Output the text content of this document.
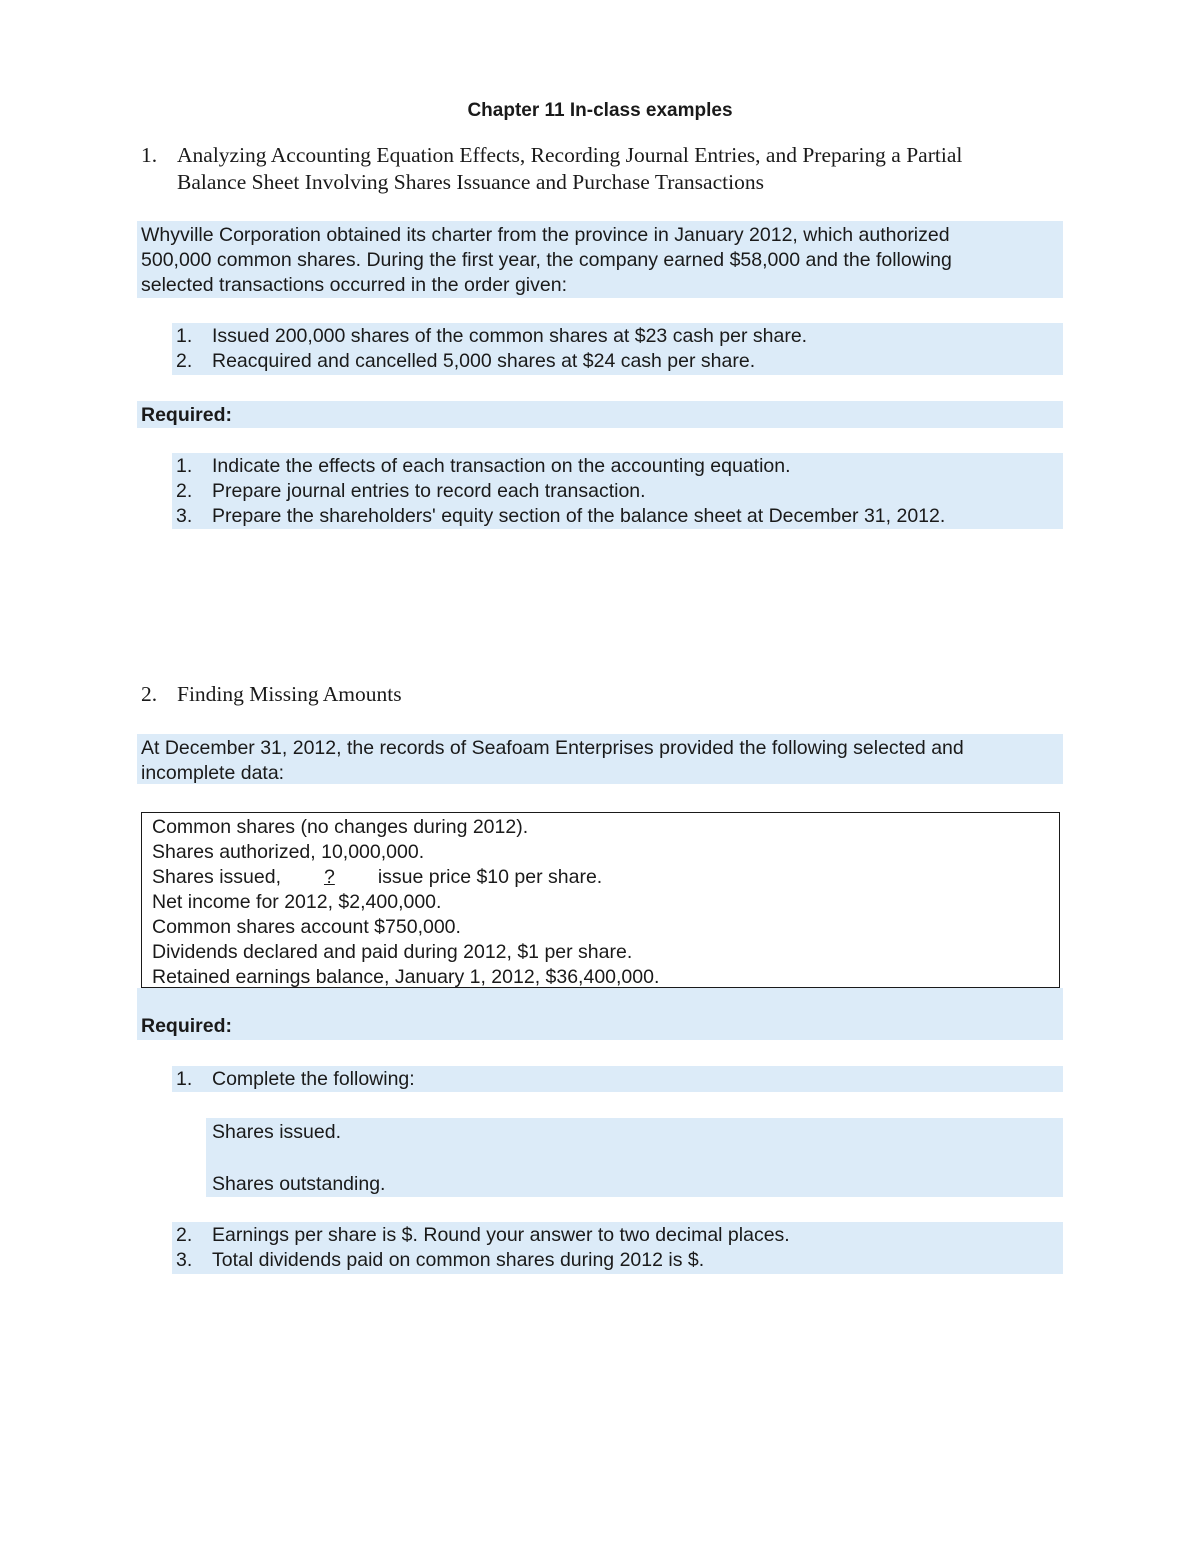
Chapter 11 In-class examples
1. Analyzing Accounting Equation Effects, Recording Journal Entries, and Preparing a Partial
Balance Sheet Involving Shares Issuance and Purchase Transactions
Whyville Corporation obtained its charter from the province in January 2012, which authorized
500,000 common shares. During the first year, the company earned $58,000 and the following
selected transactions occurred in the order given:
1.	Issued 200,000 shares of the common shares at $23 cash per share.
2.	Reacquired and cancelled 5,000 shares at $24 cash per share.
Required:
1.	Indicate the effects of each transaction on the accounting equation.
2.	Prepare journal entries to record each transaction.
3.	Prepare the shareholders' equity section of the balance sheet at December 31, 2012.
2. Finding Missing Amounts
At December 31, 2012, the records of Seafoam Enterprises provided the following selected and
incomplete data:
Common shares (no changes during 2012).
Shares authorized, 10,000,000.
Shares issued, ? issue price $10 per share.
Net income for 2012, $2,400,000.
Common shares account $750,000.
Dividends declared and paid during 2012, $1 per share.
Retained earnings balance, January 1, 2012, $36,400,000.
Required:
1.	Complete the following:
Shares issued.
Shares outstanding.
2.	Earnings per share is $. Round your answer to two decimal places.
3.	Total dividends paid on common shares during 2012 is $.
